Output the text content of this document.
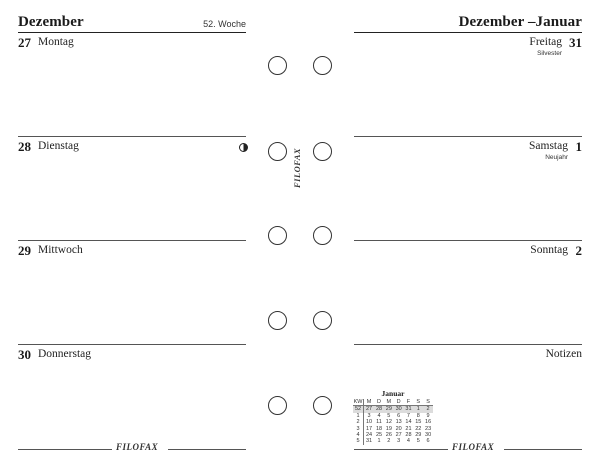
Dezember	52. Woche
27 Montag
28 Dienstag
29 Mittwoch
30 Donnerstag
FILOFAX
FILOFAX
Dezember –Januar
Freitag 31
Silvester
Samstag 1
Neujahr
Sonntag 2
Notizen
Januar
KW	M	D	M	D	F	S	S
52	27	28	29	30	31	1	2
1	3	4	5	6	7	8	9
2	10	11	12	13	14	15	16
3	17	18	19	20	21	22	23
4	24	25	26	27	28	29	30
5	31	1	2	3	4	5	6
FILOFAX
